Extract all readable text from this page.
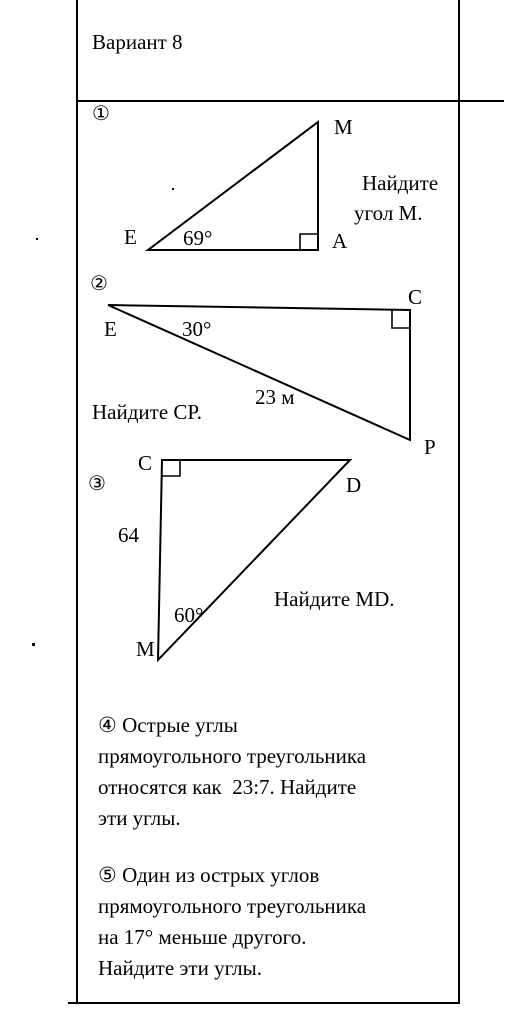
Вариант 8
①
M
E	A
69°
Найдите
угол M.
②
E
C
P
30°
23 м
Найдите CP.
③
C
D
M
64
60°
Найдите MD.
④ Острые углы
прямоугольного треугольника
относятся как  23:7. Найдите
эти углы.
⑤ Один из острых углов
прямоугольного треугольника
на 17° меньше другого.
Найдите эти углы.
